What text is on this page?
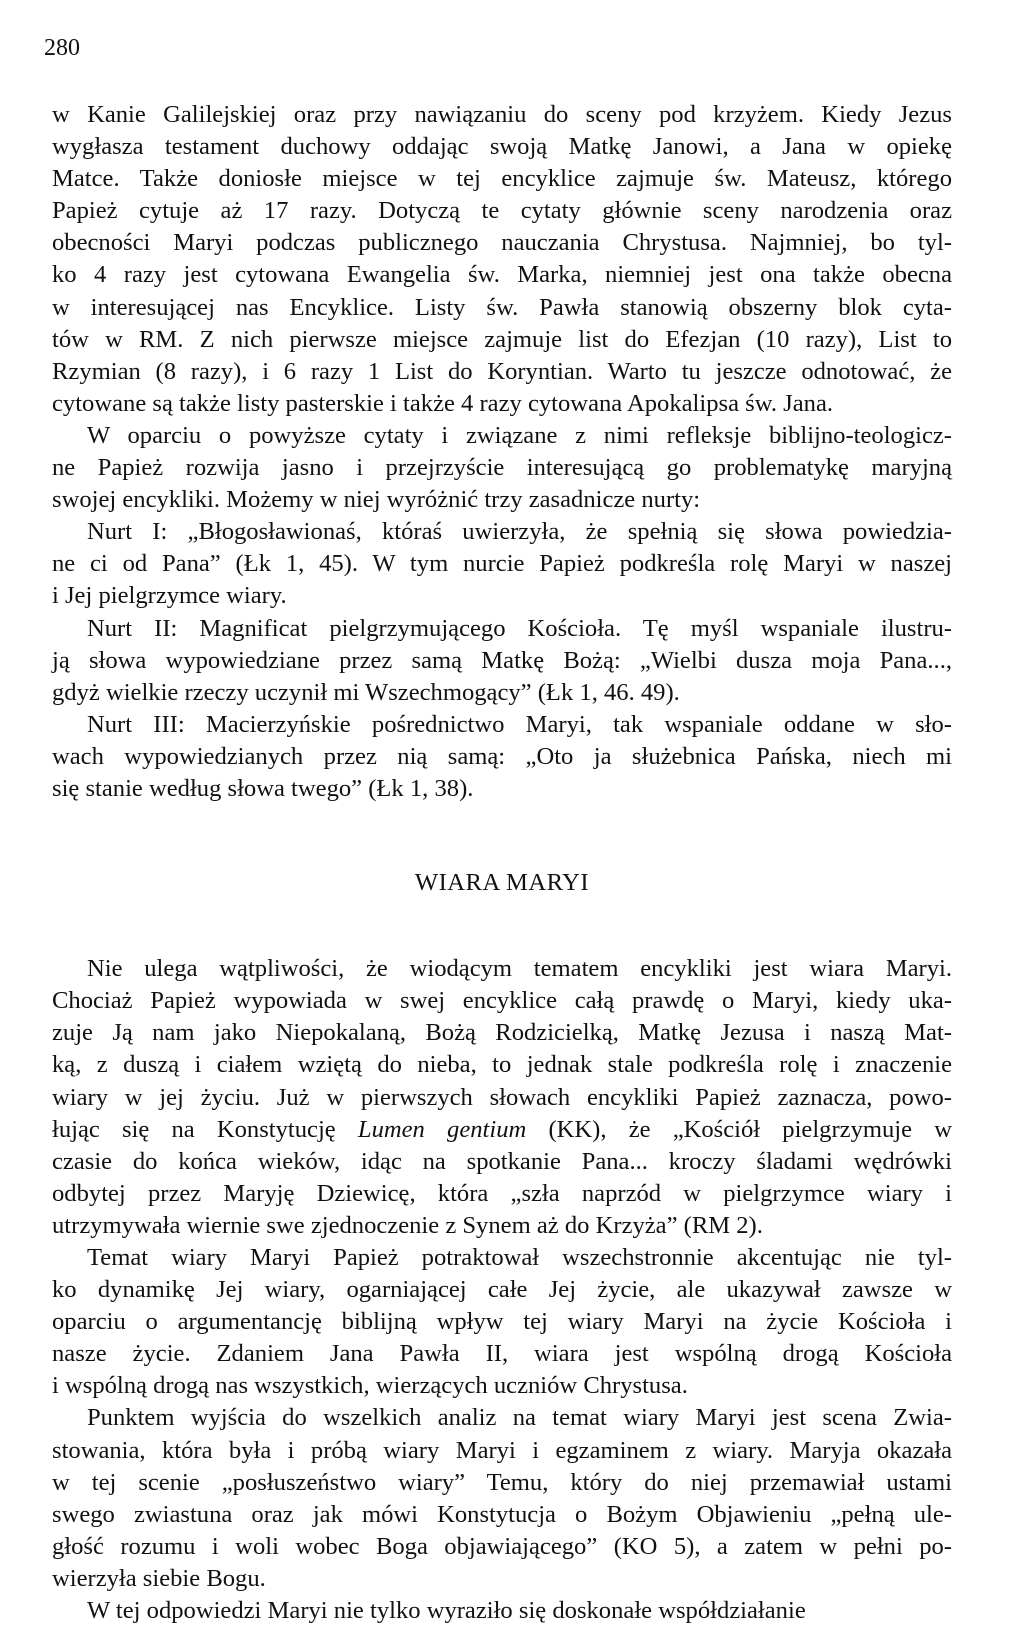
280
w Kanie Galilejskiej oraz przy nawiązaniu do sceny pod krzyżem. Kiedy Jezus
wygłasza testament duchowy oddając swoją Matkę Janowi, a Jana w opiekę
Matce. Także doniosłe miejsce w tej encyklice zajmuje św. Mateusz, którego
Papież cytuje aż 17 razy. Dotyczą te cytaty głównie sceny narodzenia oraz
obecności Maryi podczas publicznego nauczania Chrystusa. Najmniej, bo tyl-
ko 4 razy jest cytowana Ewangelia św. Marka, niemniej jest ona także obecna
w interesującej nas Encyklice. Listy św. Pawła stanowią obszerny blok cyta-
tów w RM. Z nich pierwsze miejsce zajmuje list do Efezjan (10 razy), List to
Rzymian (8 razy), i 6 razy 1 List do Koryntian. Warto tu jeszcze odnotować, że
cytowane są także listy pasterskie i także 4 razy cytowana Apokalipsa św. Jana.
W oparciu o powyższe cytaty i związane z nimi refleksje biblijno-teologicz-
ne Papież rozwija jasno i przejrzyście interesującą go problematykę maryjną
swojej encykliki. Możemy w niej wyróżnić trzy zasadnicze nurty:
Nurt I: „Błogosławionaś, któraś uwierzyła, że spełnią się słowa powiedzia-
ne ci od Pana” (Łk 1, 45). W tym nurcie Papież podkreśla rolę Maryi w naszej
i Jej pielgrzymce wiary.
Nurt II: Magnificat pielgrzymującego Kościoła. Tę myśl wspaniale ilustru-
ją słowa wypowiedziane przez samą Matkę Bożą: „Wielbi dusza moja Pana...,
gdyż wielkie rzeczy uczynił mi Wszechmogący” (Łk 1, 46. 49).
Nurt III: Macierzyńskie pośrednictwo Maryi, tak wspaniale oddane w sło-
wach wypowiedzianych przez nią samą: „Oto ja służebnica Pańska, niech mi
się stanie według słowa twego” (Łk 1, 38).
WIARA MARYI
Nie ulega wątpliwości, że wiodącym tematem encykliki jest wiara Maryi.
Chociaż Papież wypowiada w swej encyklice całą prawdę o Maryi, kiedy uka-
zuje Ją nam jako Niepokalaną, Bożą Rodzicielką, Matkę Jezusa i naszą Mat-
ką, z duszą i ciałem wziętą do nieba, to jednak stale podkreśla rolę i znaczenie
wiary w jej życiu. Już w pierwszych słowach encykliki Papież zaznacza, powo-
łując się na Konstytucję Lumen gentium (KK), że „Kościół pielgrzymuje w
czasie do końca wieków, idąc na spotkanie Pana... kroczy śladami wędrówki
odbytej przez Maryję Dziewicę, która „szła naprzód w pielgrzymce wiary i
utrzymywała wiernie swe zjednoczenie z Synem aż do Krzyża” (RM 2).
Temat wiary Maryi Papież potraktował wszechstronnie akcentując nie tyl-
ko dynamikę Jej wiary, ogarniającej całe Jej życie, ale ukazywał zawsze w
oparciu o argumentancję biblijną wpływ tej wiary Maryi na życie Kościoła i
nasze życie. Zdaniem Jana Pawła II, wiara jest wspólną drogą Kościoła
i wspólną drogą nas wszystkich, wierzących uczniów Chrystusa.
Punktem wyjścia do wszelkich analiz na temat wiary Maryi jest scena Zwia-
stowania, która była i próbą wiary Maryi i egzaminem z wiary. Maryja okazała
w tej scenie „posłuszeństwo wiary” Temu, który do niej przemawiał ustami
swego zwiastuna oraz jak mówi Konstytucja o Bożym Objawieniu „pełną ule-
głość rozumu i woli wobec Boga objawiającego” (KO 5), a zatem w pełni po-
wierzyła siebie Bogu.
W tej odpowiedzi Maryi nie tylko wyraziło się doskonałe współdziałanie
